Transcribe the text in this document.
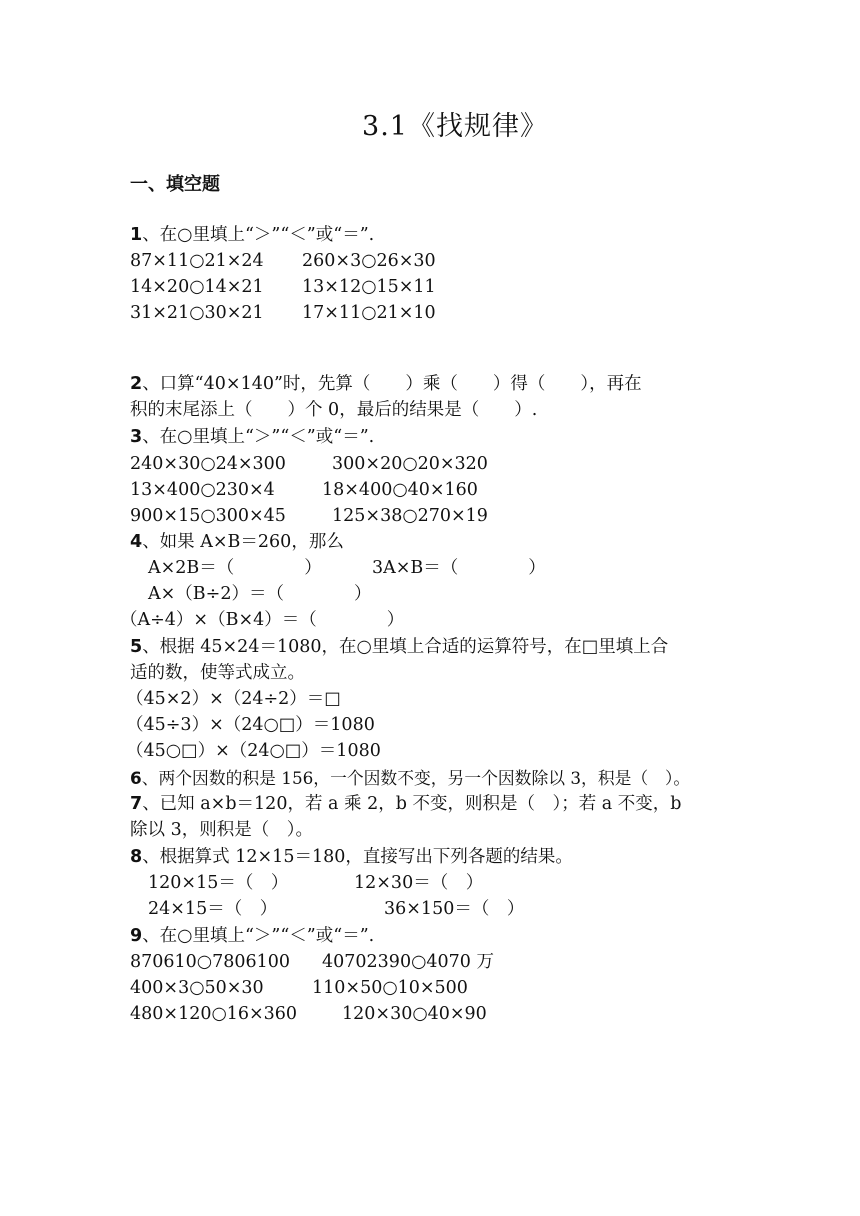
3.1《找规律》
一、填空题
1、在○里填上“＞”“＜”或“＝”.
87×11○21×24 260×3○26×30
14×20○14×21 13×12○15×11
31×21○30×21 17×11○21×10
2、口算“40×140”时，先算（　　）乘（　　）得（　　），再在
积的末尾添上（　　）个 0，最后的结果是（　　）.
3、在○里填上“＞”“＜”或“＝”.
240×30○24×300	300×20○20×320
13×400○230×4	18×400○40×160
900×15○300×45	125×38○270×19
4、如果 A×B＝260，那么
A×2B＝（　　　　）	3A×B＝（　　　　）
A×（B÷2）＝（　　　　）
（A÷4）×（B×4）＝（　　　　）
5、根据 45×24＝1080，在○里填上合适的运算符号，在□里填上合
适的数，使等式成立。
（45×2）×（24÷2）＝□
（45÷3）×（24○□）＝1080
（45○□）×（24○□）＝1080
6、两个因数的积是 156，一个因数不变，另一个因数除以 3，积是（　）。
7、已知 a×b＝120，若 a 乘 2，b 不变，则积是（　）；若 a 不变，b
除以 3，则积是（　）。
8、根据算式 12×15＝180，直接写出下列各题的结果。
120×15＝（　）	12×30＝（　）
24×15＝（　）	36×150＝（　）
9、在○里填上“＞”“＜”或“＝”.
870610○7806100 40702390○4070 万
400×3○50×30	110×50○10×500
480×120○16×360	120×30○40×90
